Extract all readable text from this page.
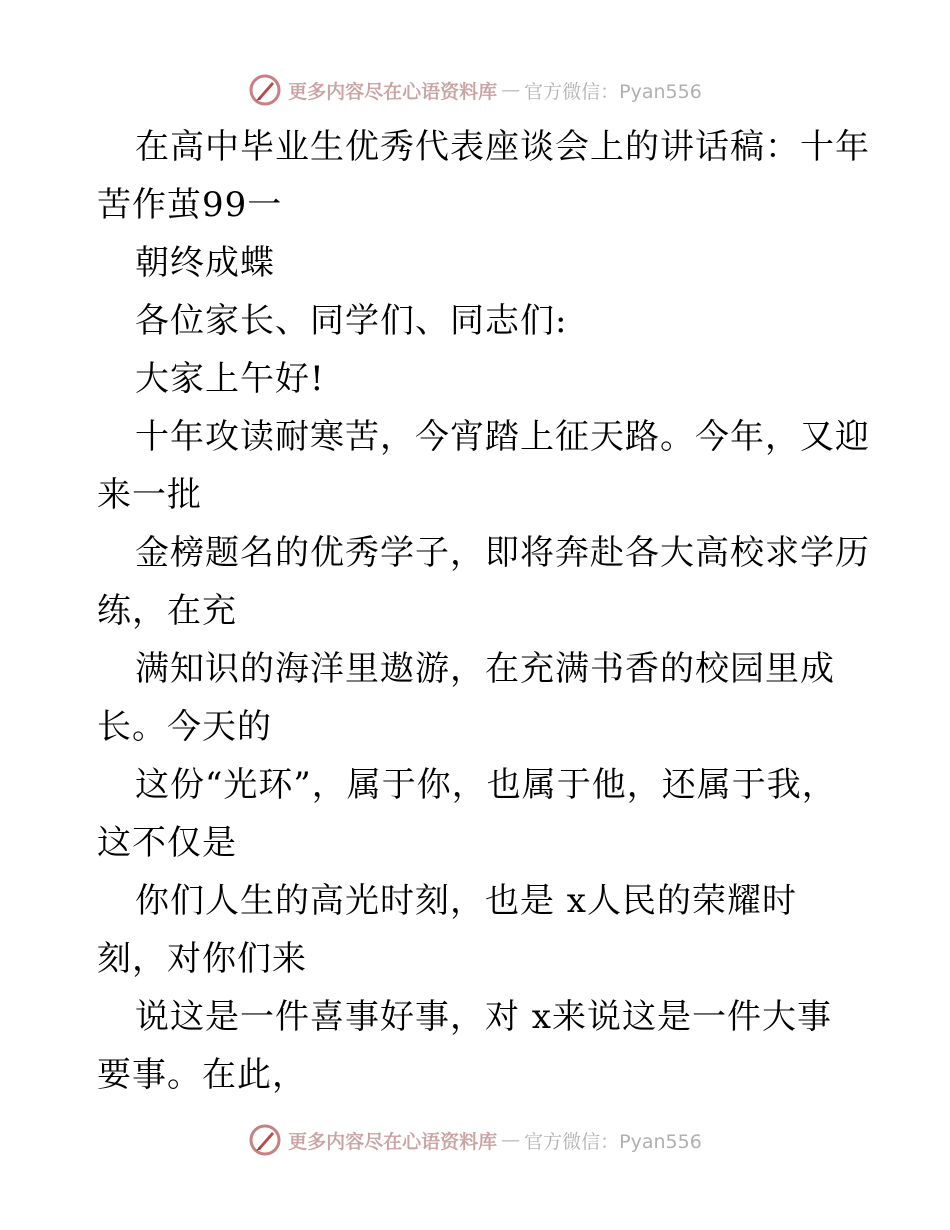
更多内容尽在心语资料库 — 官方微信：Pyan556
在高中毕业生优秀代表座谈会上的讲话稿：十年
苦作茧99一
朝终成蝶
各位家长、同学们、同志们:
大家上午好!
十年攻读耐寒苦，今宵踏上征天路。今年，又迎
来一批
金榜题名的优秀学子，即将奔赴各大高校求学历
练，在充
满知识的海洋里遨游，在充满书香的校园里成
长。今天的
这份“光环”，属于你，也属于他，还属于我，
这不仅是
你们人生的高光时刻，也是 x人民的荣耀时
刻，对你们来
说这是一件喜事好事，对 x来说这是一件大事
要事。在此，
更多内容尽在心语资料库 — 官方微信：Pyan556
